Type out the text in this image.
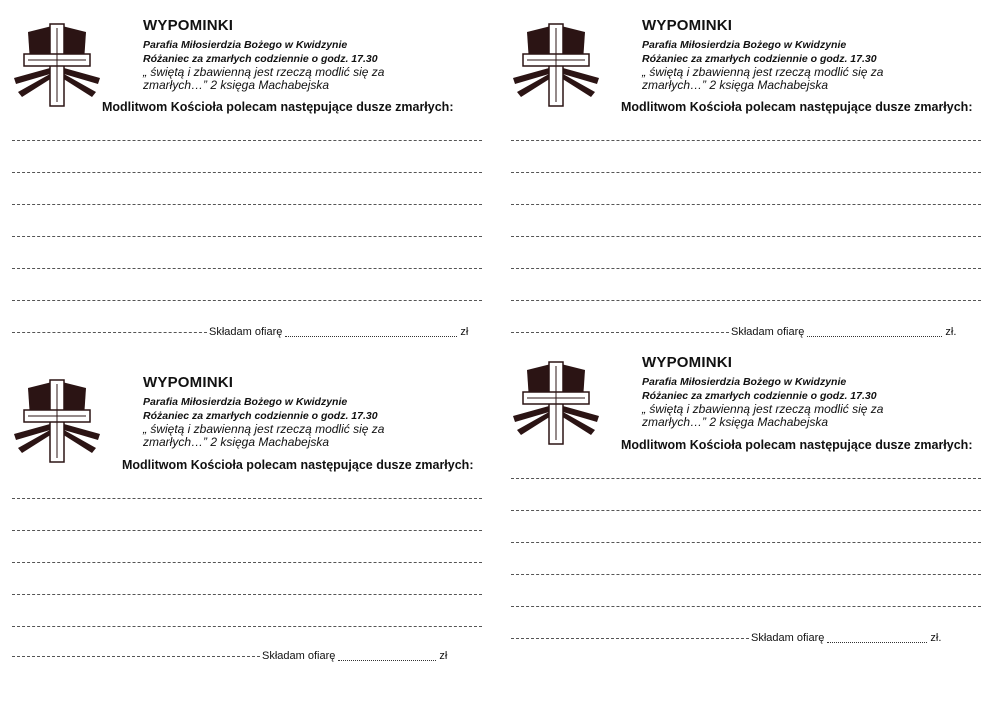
WYPOMINKI
Parafia Miłosierdzia Bożego w Kwidzynie
Różaniec za zmarłych codziennie o godz. 17.30
„ świętą i zbawienną jest rzeczą modlić się za
zmarłych…” 2 księga Machabejska
Modlitwom Kościoła polecam następujące dusze zmarłych:
Składam ofiarę	zł
WYPOMINKI
Parafia Miłosierdzia Bożego w Kwidzynie
Różaniec za zmarłych codziennie o godz. 17.30
„ świętą i zbawienną jest rzeczą modlić się za
zmarłych…” 2 księga Machabejska
Modlitwom Kościoła polecam następujące dusze zmarłych:
Składam ofiarę	zł.
WYPOMINKI
Parafia Miłosierdzia Bożego w Kwidzynie
Różaniec za zmarłych codziennie o godz. 17.30
„ świętą i zbawienną jest rzeczą modlić się za
zmarłych…” 2 księga Machabejska
Modlitwom Kościoła polecam następujące dusze zmarłych:
Składam ofiarę	zł
WYPOMINKI
Parafia Miłosierdzia Bożego w Kwidzynie
Różaniec za zmarłych codziennie o godz. 17.30
„ świętą i zbawienną jest rzeczą modlić się za
zmarłych…” 2 księga Machabejska
Modlitwom Kościoła polecam następujące dusze zmarłych:
Składam ofiarę	zł.
